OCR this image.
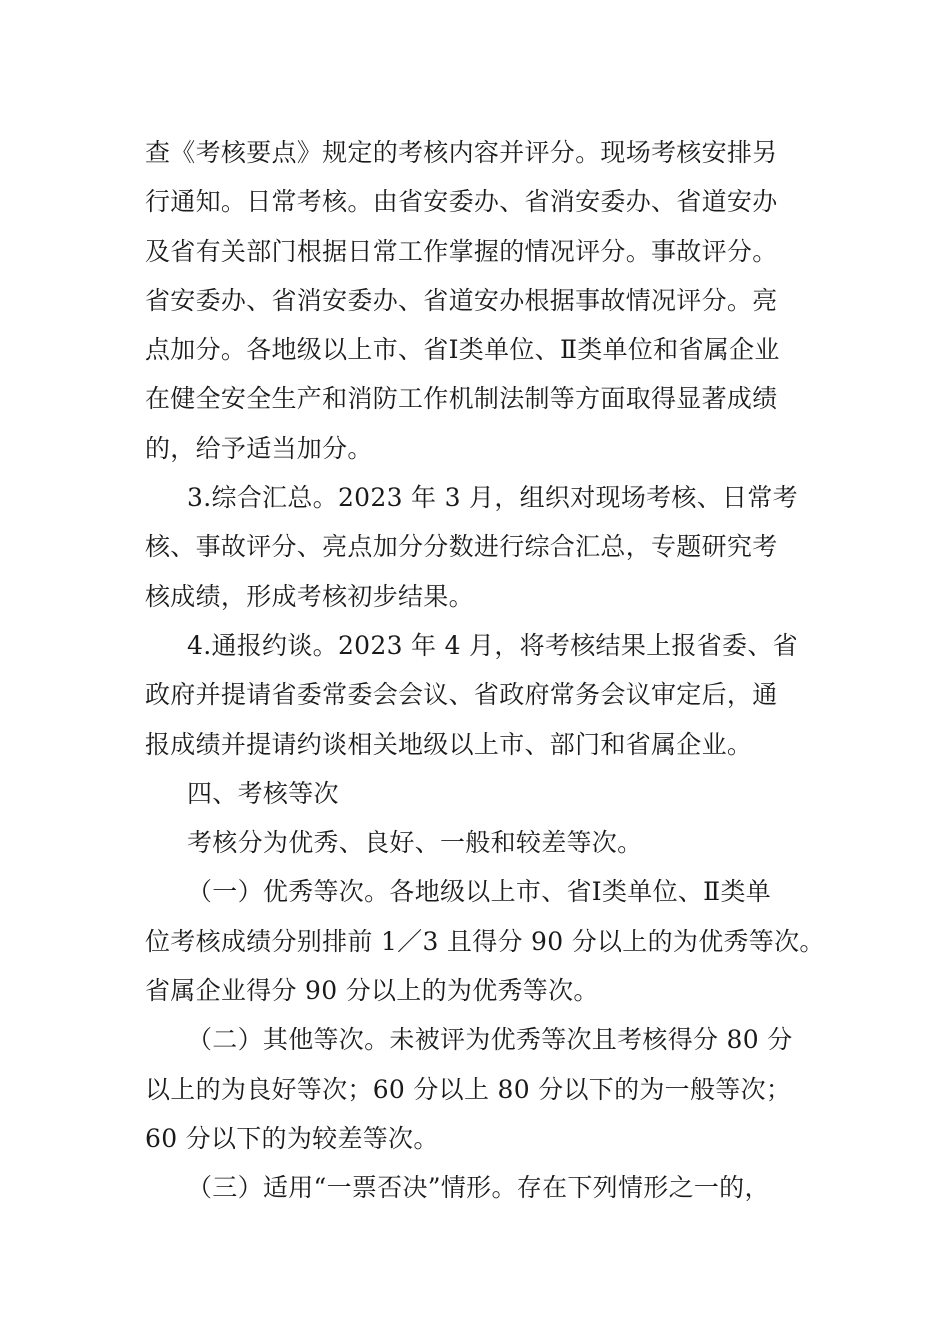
查《考核要点》规定的考核内容并评分。现场考核安排另
行通知。日常考核。由省安委办、省消安委办、省道安办
及省有关部门根据日常工作掌握的情况评分。事故评分。
省安委办、省消安委办、省道安办根据事故情况评分。亮
点加分。各地级以上市、省Ⅰ类单位、Ⅱ类单位和省属企业
在健全安全生产和消防工作机制法制等方面取得显著成绩
的，给予适当加分。
3.综合汇总。2023 年 3 月，组织对现场考核、日常考
核、事故评分、亮点加分分数进行综合汇总，专题研究考
核成绩，形成考核初步结果。
4.通报约谈。2023 年 4 月，将考核结果上报省委、省
政府并提请省委常委会会议、省政府常务会议审定后，通
报成绩并提请约谈相关地级以上市、部门和省属企业。
四、考核等次
考核分为优秀、良好、一般和较差等次。
（一）优秀等次。各地级以上市、省Ⅰ类单位、Ⅱ类单
位考核成绩分别排前 1／3 且得分 90 分以上的为优秀等次。
省属企业得分 90 分以上的为优秀等次。
（二）其他等次。未被评为优秀等次且考核得分 80 分
以上的为良好等次；60 分以上 80 分以下的为一般等次；
60 分以下的为较差等次。
（三）适用“一票否决”情形。存在下列情形之一的，
